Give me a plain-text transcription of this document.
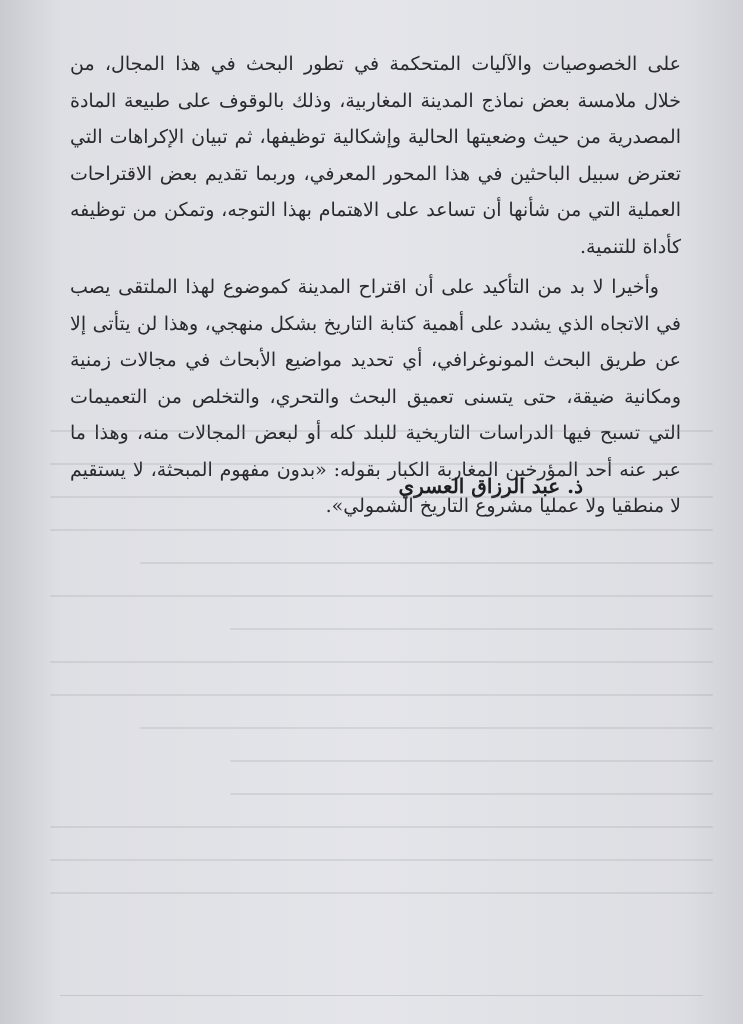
على الخصوصيات والآليات المتحكمة في تطور البحث في هذا المجال، من خلال ملامسة بعض نماذج المدينة المغاربية، وذلك بالوقوف على طبيعة المادة المصدرية من حيث وضعيتها الحالية وإشكالية توظيفها، ثم تبيان الإكراهات التي تعترض سبيل الباحثين في هذا المحور المعرفي، وربما تقديم بعض الاقتراحات العملية التي من شأنها أن تساعد على الاهتمام بهذا التوجه، وتمكن من توظيفه كأداة للتنمية.

وأخيرا لا بد من التأكيد على أن اقتراح المدينة كموضوع لهذا الملتقى يصب في الاتجاه الذي يشدد على أهمية كتابة التاريخ بشكل منهجي، وهذا لن يتأتى إلا عن طريق البحث المونوغرافي، أي تحديد مواضيع الأبحاث في مجالات زمنية ومكانية ضيقة، حتى يتسنى تعميق البحث والتحري، والتخلص من التعميمات التي تسبح فيها الدراسات التاريخية للبلد كله أو لبعض المجالات منه، وهذا ما عبر عنه أحد المؤرخين المغاربة الكبار بقوله: «بدون مفهوم المبحثة، لا يستقيم لا منطقيا ولا عمليا مشروع التاريخ الشمولي».

ذ. عبد الرزاق العسري
